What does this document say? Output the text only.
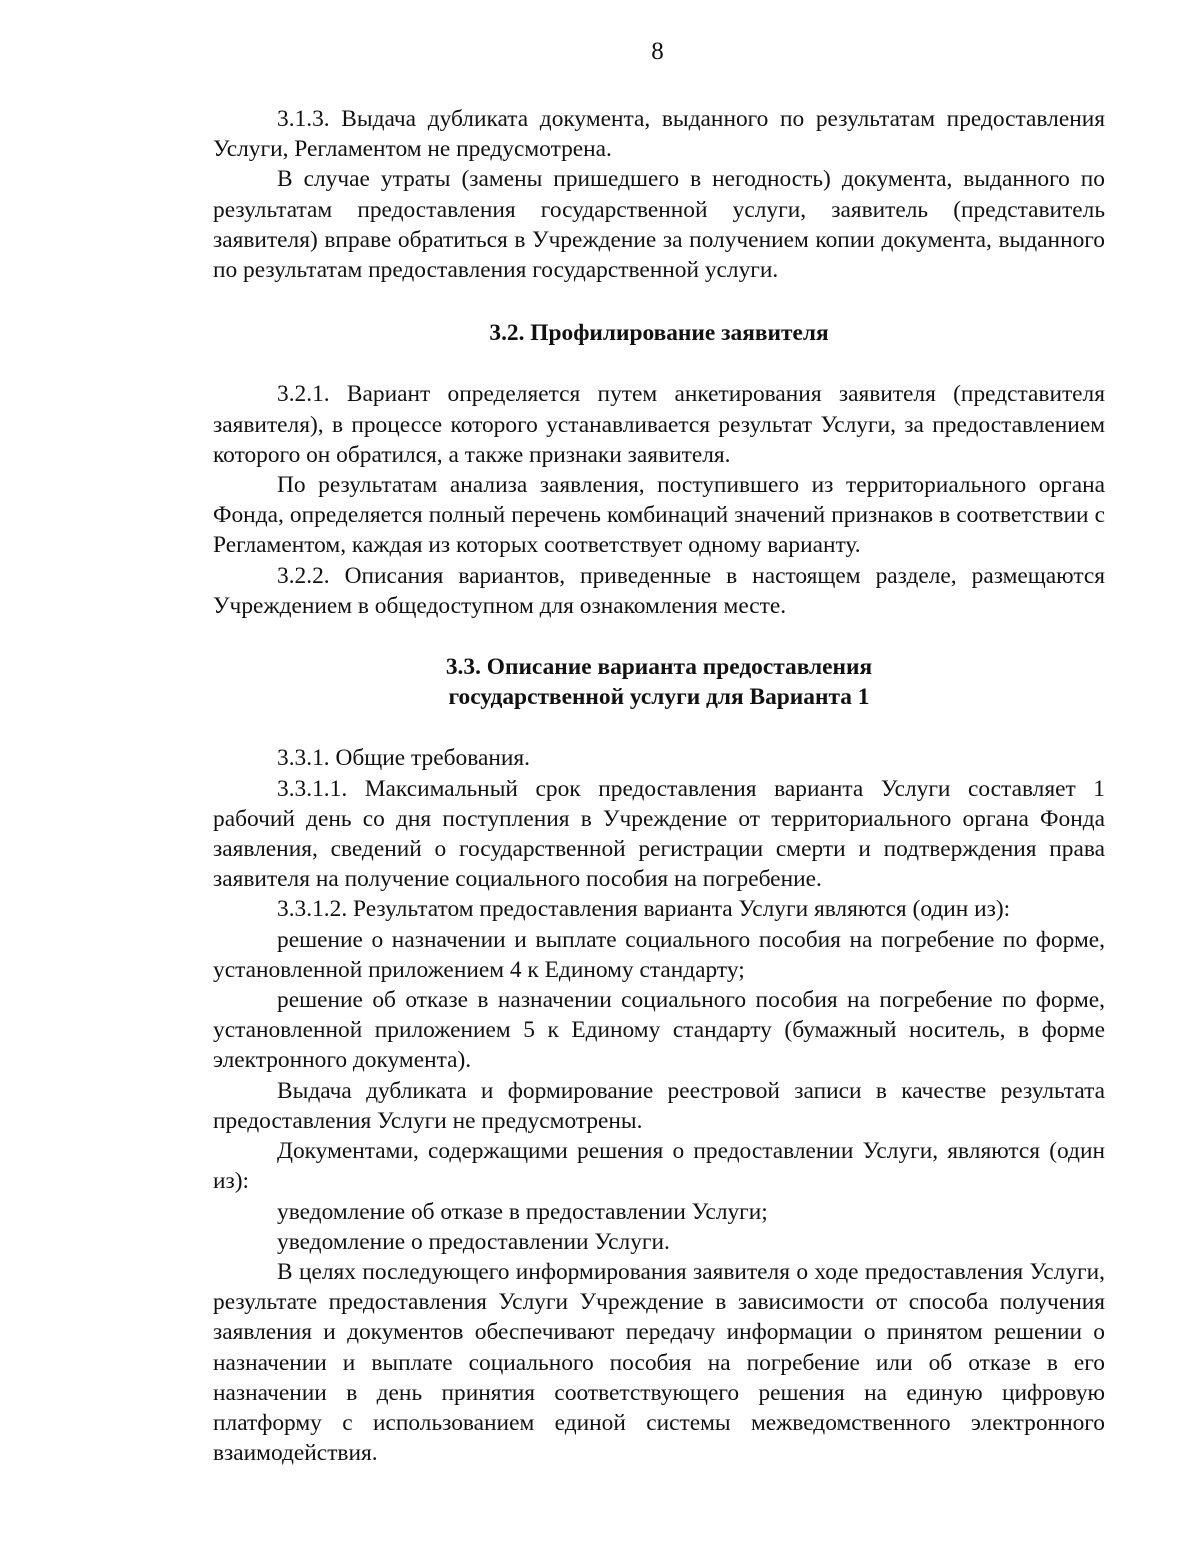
8

3.1.3. Выдача дубликата документа, выданного по результатам предоставления Услуги, Регламентом не предусмотрена.

В случае утраты (замены пришедшего в негодность) документа, выданного по результатам предоставления государственной услуги, заявитель (представитель заявителя) вправе обратиться в Учреждение за получением копии документа, выданного по результатам предоставления государственной услуги.

3.2. Профилирование заявителя

3.2.1. Вариант определяется путем анкетирования заявителя (представителя заявителя), в процессе которого устанавливается результат Услуги, за предоставлением которого он обратился, а также признаки заявителя.

По результатам анализа заявления, поступившего из территориального органа Фонда, определяется полный перечень комбинаций значений признаков в соответствии с Регламентом, каждая из которых соответствует одному варианту.

3.2.2. Описания вариантов, приведенные в настоящем разделе, размещаются Учреждением в общедоступном для ознакомления месте.

3.3. Описание варианта предоставления

государственной услуги для Варианта 1

3.3.1. Общие требования.

3.3.1.1. Максимальный срок предоставления варианта Услуги составляет 1 рабочий день со дня поступления в Учреждение от территориального органа Фонда заявления, сведений о государственной регистрации смерти и подтверждения права заявителя на получение социального пособия на погребение.

3.3.1.2. Результатом предоставления варианта Услуги являются (один из):

решение о назначении и выплате социального пособия на погребение по форме, установленной приложением 4 к Единому стандарту;

решение об отказе в назначении социального пособия на погребение по форме, установленной приложением 5 к Единому стандарту (бумажный носитель, в форме электронного документа).

Выдача дубликата и формирование реестровой записи в качестве результата предоставления Услуги не предусмотрены.

Документами, содержащими решения о предоставлении Услуги, являются (один из):

уведомление об отказе в предоставлении Услуги;

уведомление о предоставлении Услуги.

В целях последующего информирования заявителя о ходе предоставления Услуги, результате предоставления Услуги Учреждение в зависимости от способа получения заявления и документов обеспечивают передачу информации о принятом решении о назначении и выплате социального пособия на погребение или об отказе в его назначении в день принятия соответствующего решения на единую цифровую платформу с использованием единой системы межведомственного электронного взаимодействия.
